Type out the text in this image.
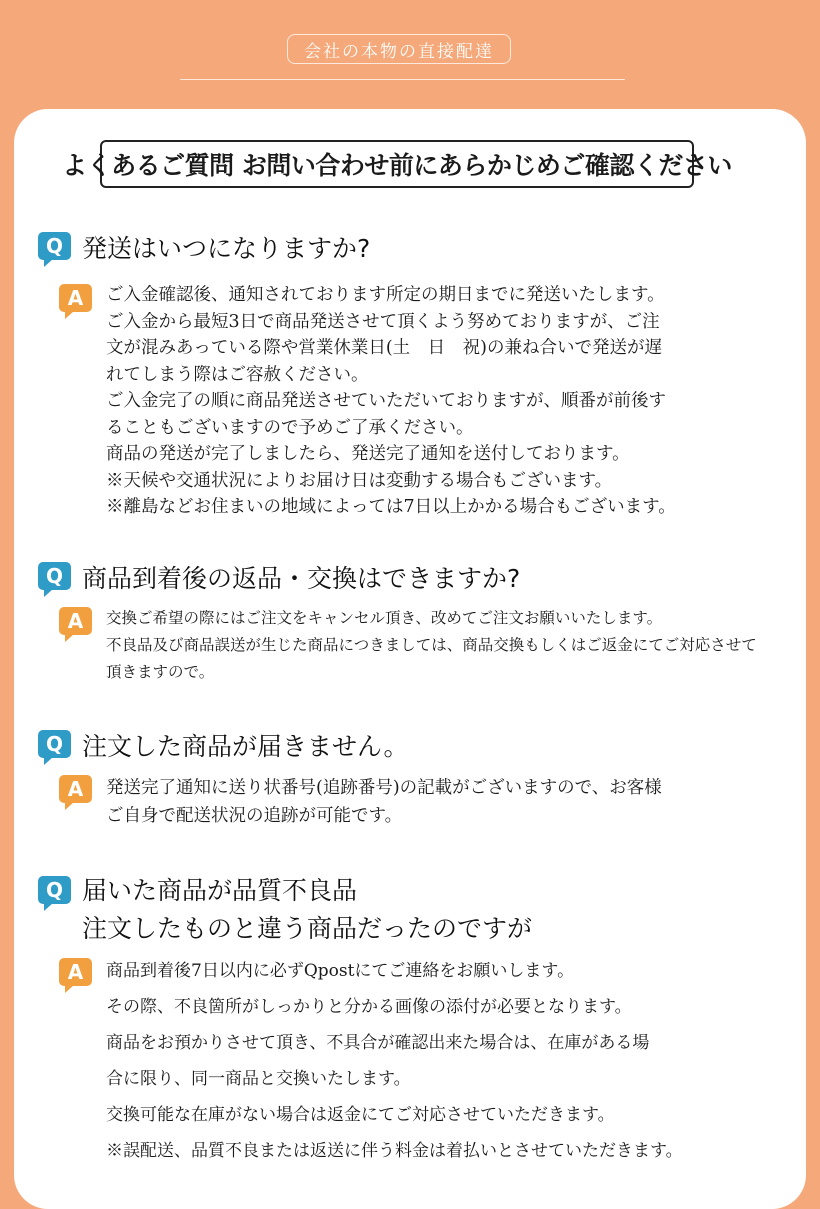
会社の本物の直接配達
よくあるご質問 お問い合わせ前にあらかじめご確認ください
Q 発送はいつになりますか?
A	ご入金確認後、通知されております所定の期日までに発送いたします。
ご入金から最短3日で商品発送させて頂くよう努めておりますが、ご注
文が混みあっている際や営業休業日(土　日　祝)の兼ね合いで発送が遅
れてしまう際はご容赦ください。
ご入金完了の順に商品発送させていただいておりますが、順番が前後す
ることもございますので予めご了承ください。
商品の発送が完了しましたら、発送完了通知を送付しております。
※天候や交通状況によりお届け日は変動する場合もございます。
※離島などお住まいの地域によっては7日以上かかる場合もございます。
Q 商品到着後の返品・交換はできますか?
A	交換ご希望の際にはご注文をキャンセル頂き、改めてご注文お願いいたします。
不良品及び商品誤送が生じた商品につきましては、商品交換もしくはご返金にてご対応させて
頂きますので。
Q 注文した商品が届きません。
A	発送完了通知に送り状番号(追跡番号)の記載がございますので、お客様
ご自身で配送状況の追跡が可能です。
Q 届いた商品が品質不良品
注文したものと違う商品だったのですが
A	商品到着後7日以内に必ずQpostにてご連絡をお願いします。
その際、不良箇所がしっかりと分かる画像の添付が必要となります。
商品をお預かりさせて頂き、不具合が確認出来た場合は、在庫がある場
合に限り、同一商品と交換いたします。
交換可能な在庫がない場合は返金にてご対応させていただきます。
※誤配送、品質不良または返送に伴う料金は着払いとさせていただきます。
